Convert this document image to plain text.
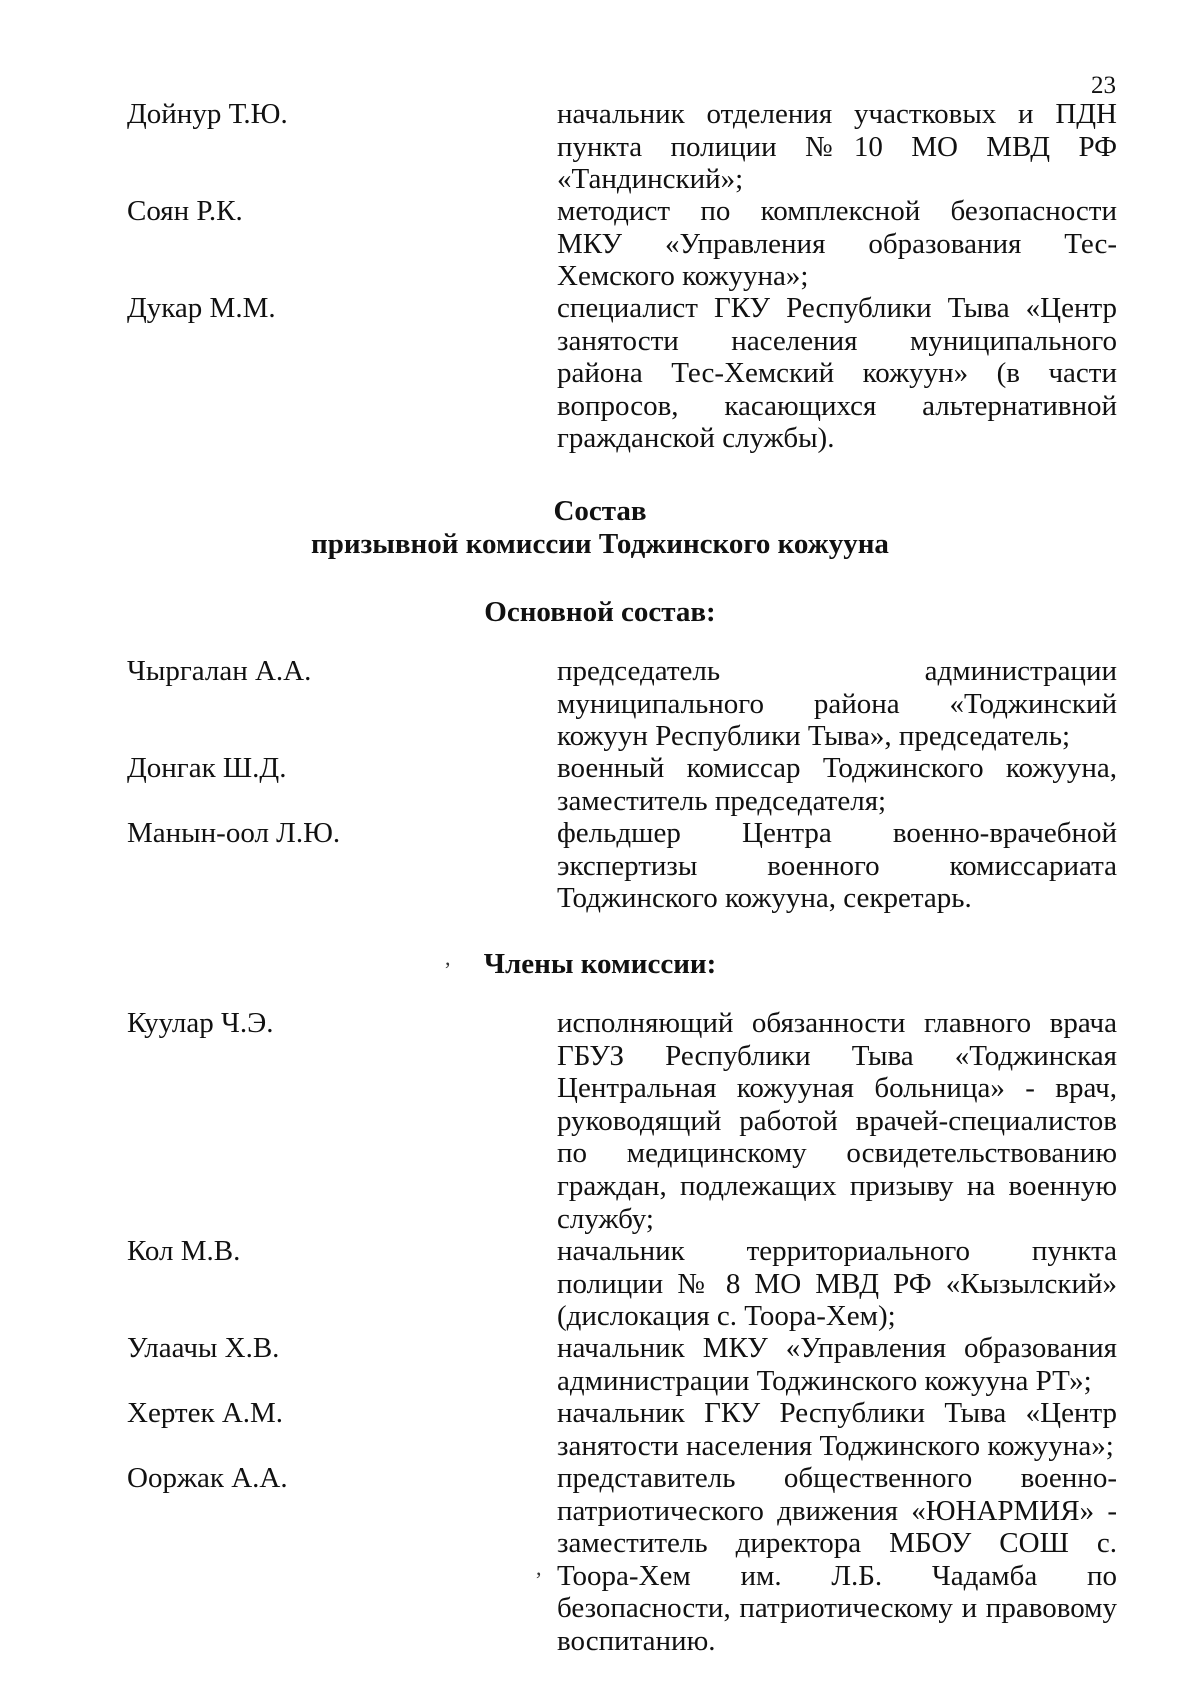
23
Дойнур Т.Ю.	начальник отделения участковых и ПДН пункта полиции №10 МО МВД РФ «Тандинский»;
Соян Р.К.	методист по комплексной безопасности МКУ «Управления образования Тес-Хемского кожууна»;
Дукар М.М.	специалист ГКУ Республики Тыва «Центр занятости населения муниципального района Тес-Хемский кожуун» (в части вопросов, касающихся альтернативной гражданской службы).
Состав
призывной комиссии Тоджинского кожууна
Основной состав:
Чыргалан А.А.	председатель администрации муниципального района «Тоджинский кожуун Республики Тыва», председатель;
Донгак Ш.Д.	военный комиссар Тоджинского кожууна, заместитель председателя;
Манын-оол Л.Ю.	фельдшер Центра военно-врачебной экспертизы военного комиссариата Тоджинского кожууна, секретарь.
,	Члены комиссии:
Куулар Ч.Э.	исполняющий обязанности главного врача ГБУЗ Республики Тыва «Тоджинская Центральная кожууная больница» - врач, руководящий работой врачей-специалистов по медицинскому освидетельствованию граждан, подлежащих призыву на военную службу;
Кол М.В.	начальник территориального пункта полиции № 8 МО МВД РФ «Кызылский» (дислокация с. Тоора-Хем);
Улаачы Х.В.	начальник МКУ «Управления образования администрации Тоджинского кожууна РТ»;
Хертек А.М.	начальник ГКУ Республики Тыва «Центр занятости населения Тоджинского кожууна»;
Ооржак А.А.	представитель общественного военно-патриотического движения «ЮНАРМИЯ» - заместитель директора МБОУ СОШ с. Тоора-Хем им. Л.Б. Чадамба по безопасности, патриотическому и правовому воспитанию.
,
